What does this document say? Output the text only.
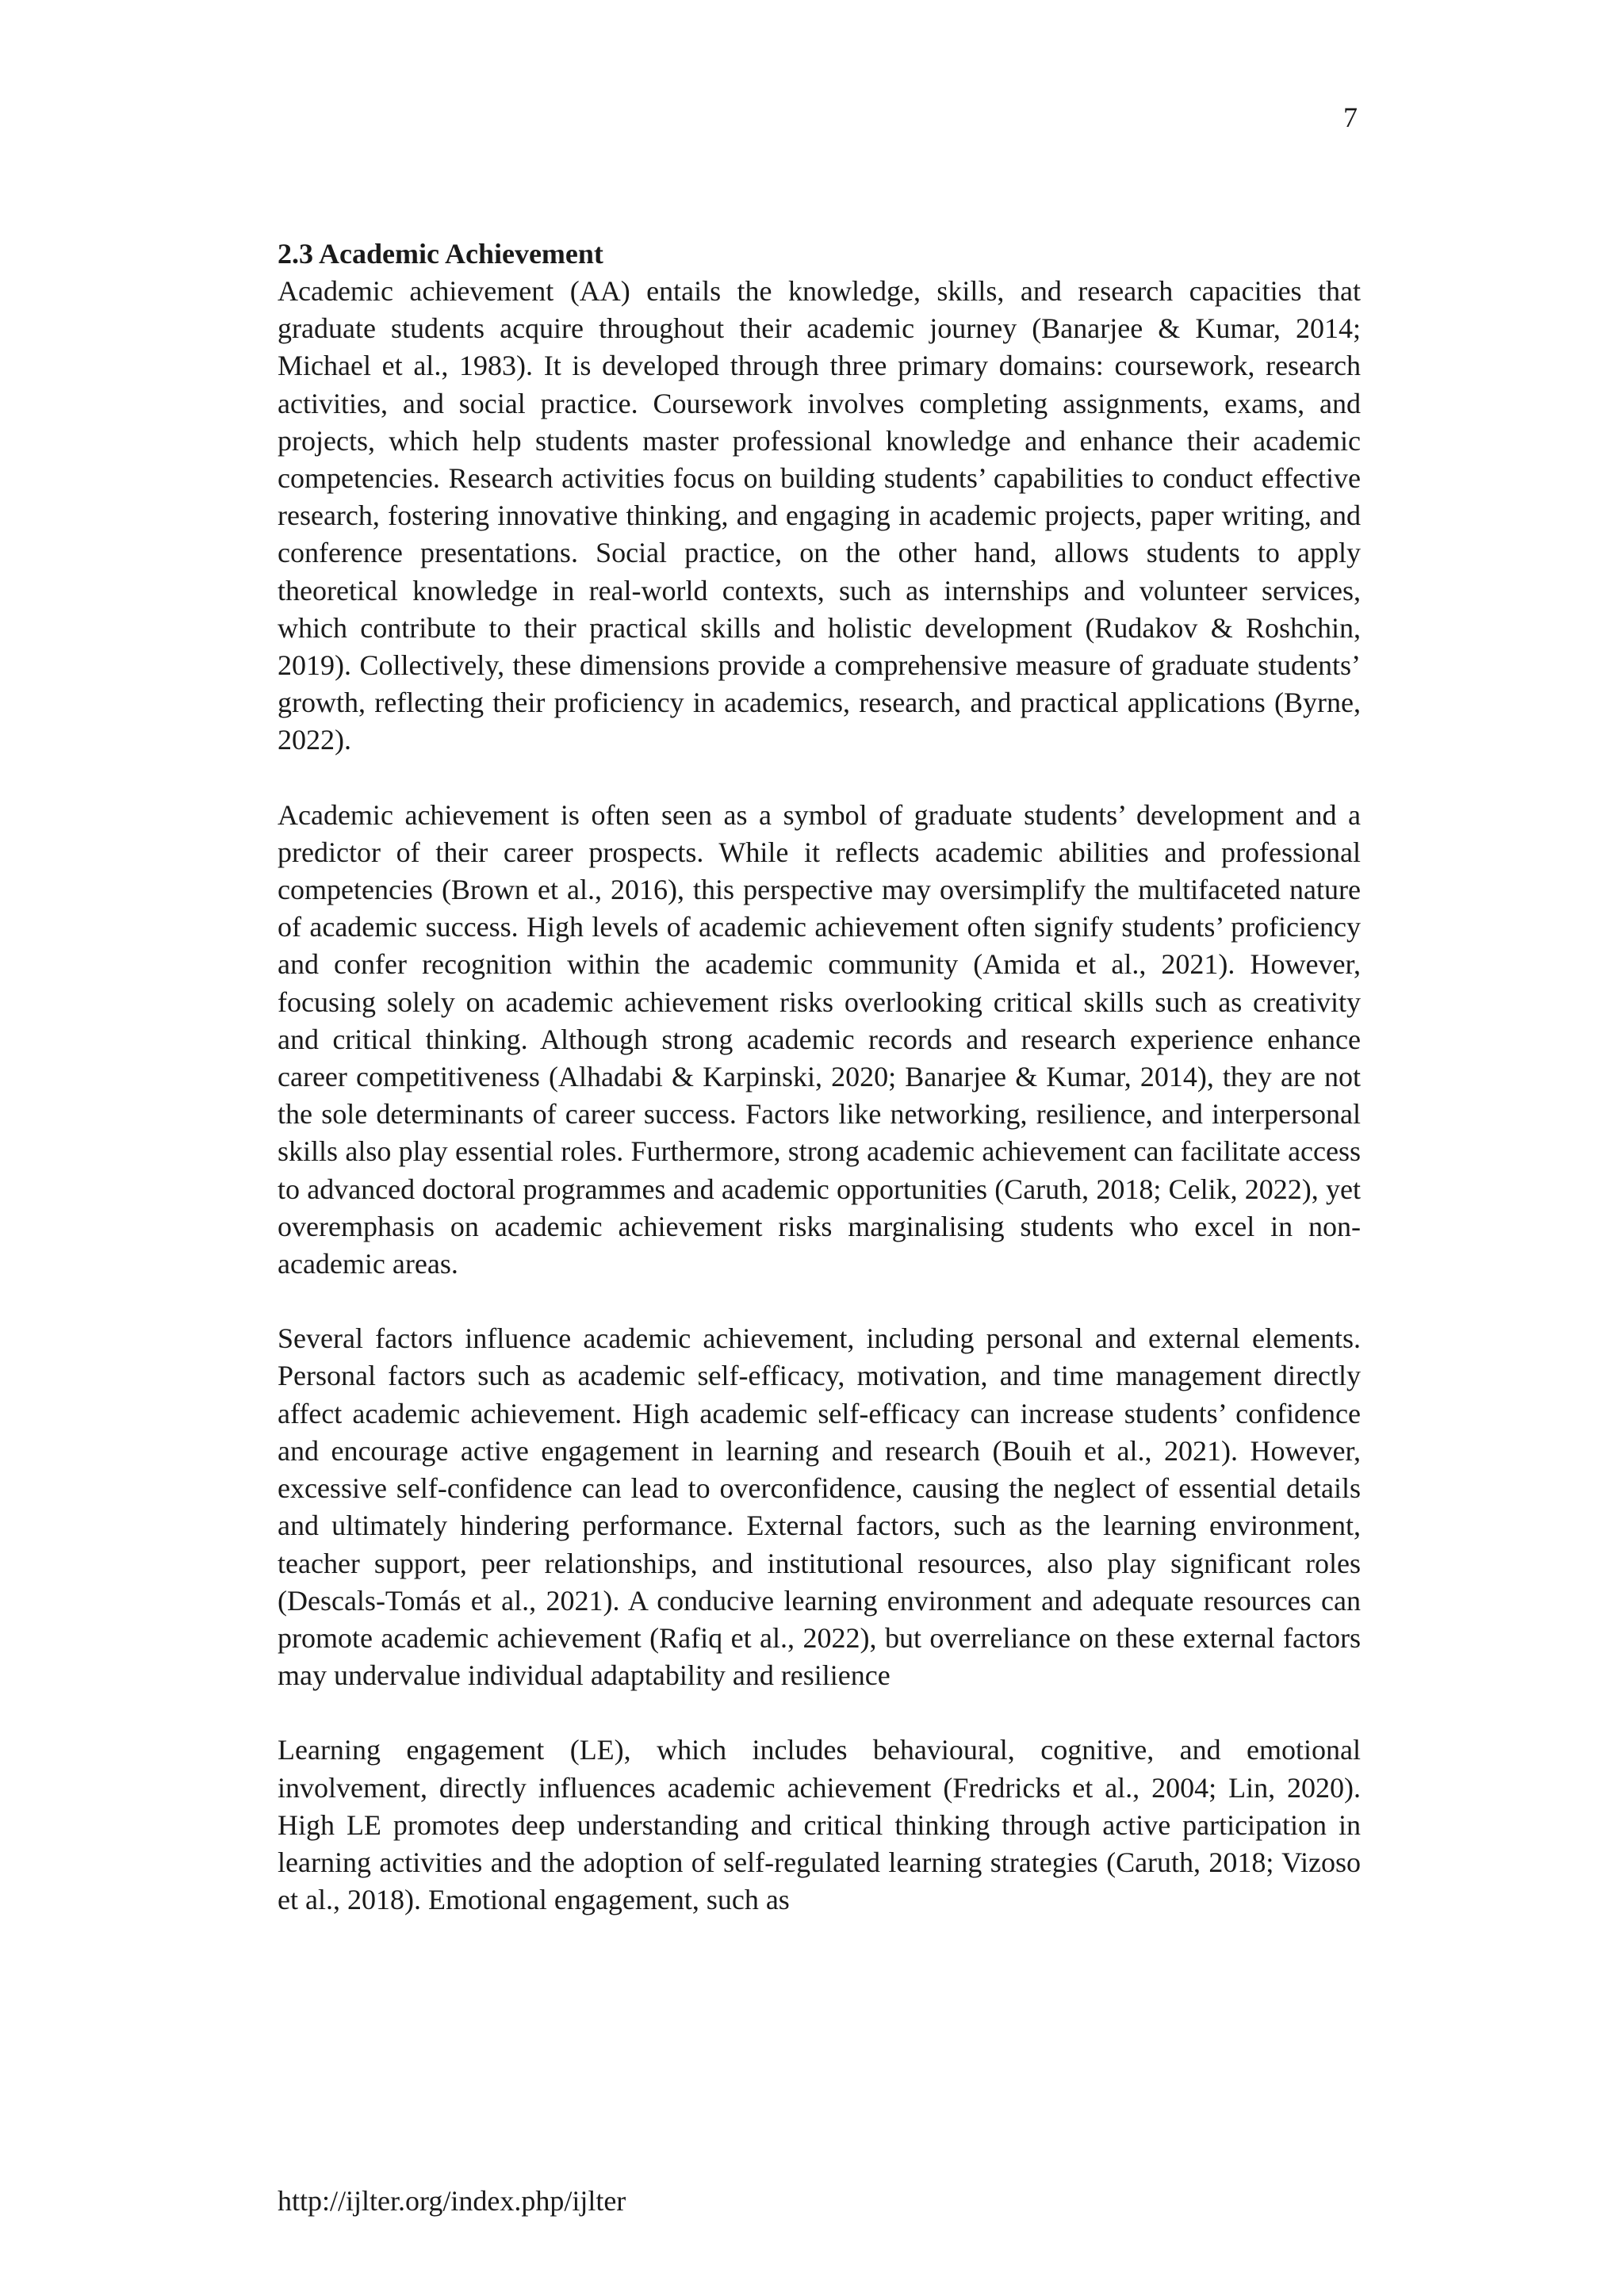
7
2.3 Academic Achievement

Academic achievement (AA) entails the knowledge, skills, and research capacities that graduate students acquire throughout their academic journey (Banarjee & Kumar, 2014; Michael et al., 1983). It is developed through three primary domains: coursework, research activities, and social practice. Coursework involves completing assignments, exams, and projects, which help students master professional knowledge and enhance their academic competencies. Research activities focus on building students’ capabilities to conduct effective research, fostering innovative thinking, and engaging in academic projects, paper writing, and conference presentations. Social practice, on the other hand, allows students to apply theoretical knowledge in real-world contexts, such as internships and volunteer services, which contribute to their practical skills and holistic development (Rudakov & Roshchin, 2019). Collectively, these dimensions provide a comprehensive measure of graduate students’ growth, reflecting their proficiency in academics, research, and practical applications (Byrne, 2022).

Academic achievement is often seen as a symbol of graduate students’ development and a predictor of their career prospects. While it reflects academic abilities and professional competencies (Brown et al., 2016), this perspective may oversimplify the multifaceted nature of academic success. High levels of academic achievement often signify students’ proficiency and confer recognition within the academic community (Amida et al., 2021). However, focusing solely on academic achievement risks overlooking critical skills such as creativity and critical thinking. Although strong academic records and research experience enhance career competitiveness (Alhadabi & Karpinski, 2020; Banarjee & Kumar, 2014), they are not the sole determinants of career success. Factors like networking, resilience, and interpersonal skills also play essential roles. Furthermore, strong academic achievement can facilitate access to advanced doctoral programmes and academic opportunities (Caruth, 2018; Celik, 2022), yet overemphasis on academic achievement risks marginalising students who excel in non-academic areas.

Several factors influence academic achievement, including personal and external elements. Personal factors such as academic self-efficacy, motivation, and time management directly affect academic achievement. High academic self-efficacy can increase students’ confidence and encourage active engagement in learning and research (Bouih et al., 2021). However, excessive self-confidence can lead to overconfidence, causing the neglect of essential details and ultimately hindering performance. External factors, such as the learning environment, teacher support, peer relationships, and institutional resources, also play significant roles (Descals-Tomás et al., 2021). A conducive learning environment and adequate resources can promote academic achievement (Rafiq et al., 2022), but overreliance on these external factors may undervalue individual adaptability and resilience

Learning engagement (LE), which includes behavioural, cognitive, and emotional involvement, directly influences academic achievement (Fredricks et al., 2004; Lin, 2020). High LE promotes deep understanding and critical thinking through active participation in learning activities and the adoption of self-regulated learning strategies (Caruth, 2018; Vizoso et al., 2018). Emotional engagement, such as

http://ijlter.org/index.php/ijlter
